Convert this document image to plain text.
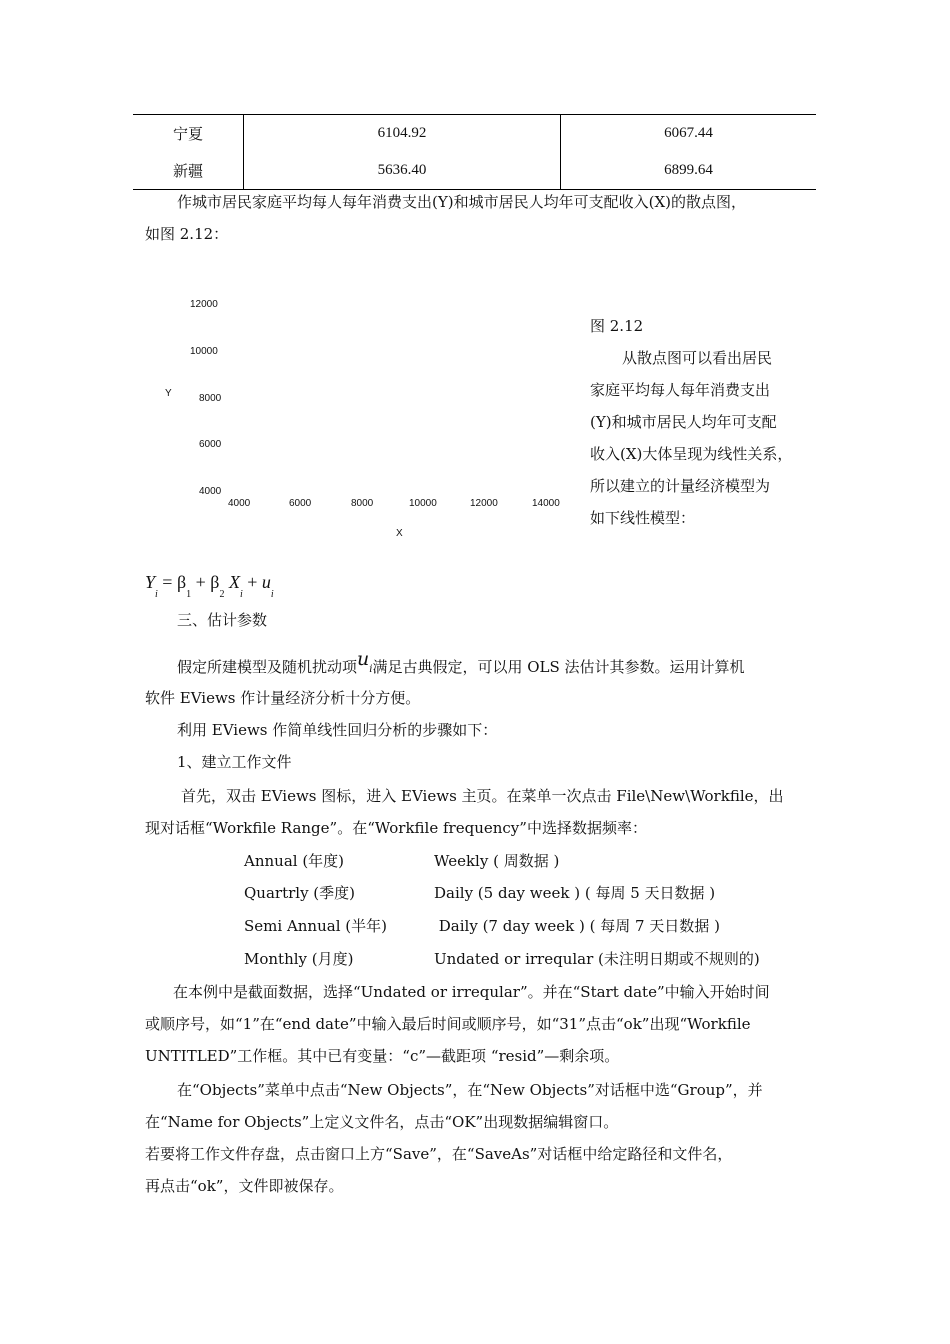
宁夏	6104.92	6067.44
新疆	5636.40	6899.64

作城市居民家庭平均每人每年消费支出(Y)和城市居民人均年可支配收入(X)的散点图，

如图 2.12：

Y
12000
10000
8000
6000
4000
4000	6000	8000	10000	12000	14000
X

图 2.12

从散点图可以看出居民

家庭平均每人每年消费支出

(Y)和城市居民人均年可支配

收入(X)大体呈现为线性关系，

所以建立的计量经济模型为

如下线性模型：

$Y_i = \beta_1 + \beta_2$ $X_i + u_i$

三、估计参数

假定所建模型及随机扰动项ui满足古典假定，可以用 OLS 法估计其参数。运用计算机

软件 EViews 作计量经济分析十分方便。

利用 EViews 作简单线性回归分析的步骤如下：

1、建立工作文件

首先，双击 EViews 图标，进入 EViews 主页。在菜单一次点击 File\New\Workfile，出

现对话框“Workfile Range”。在“Workfile frequency”中选择数据频率：

Annual (年度)	Weekly ( 周数据 )
Quartrly (季度)	Daily (5 day week ) ( 每周 5 天日数据 )
Semi Annual (半年)	Daily (7 day week ) ( 每周 7 天日数据 )
Monthly (月度)	Undated or irreqular (未注明日期或不规则的)

在本例中是截面数据，选择“Undated or irreqular”。并在“Start date”中输入开始时间

或顺序号，如“1”在“end date”中输入最后时间或顺序号，如“31”点击“ok”出现“Workfile

UNTITLED”工作框。其中已有变量：“c”—截距项 “resid”—剩余项。

在“Objects”菜单中点击“New Objects”，在“New Objects”对话框中选“Group”，并

在“Name for Objects”上定义文件名，点击“OK”出现数据编辑窗口。

若要将工作文件存盘，点击窗口上方“Save”，在“SaveAs”对话框中给定路径和文件名，

再点击“ok”，文件即被保存。
